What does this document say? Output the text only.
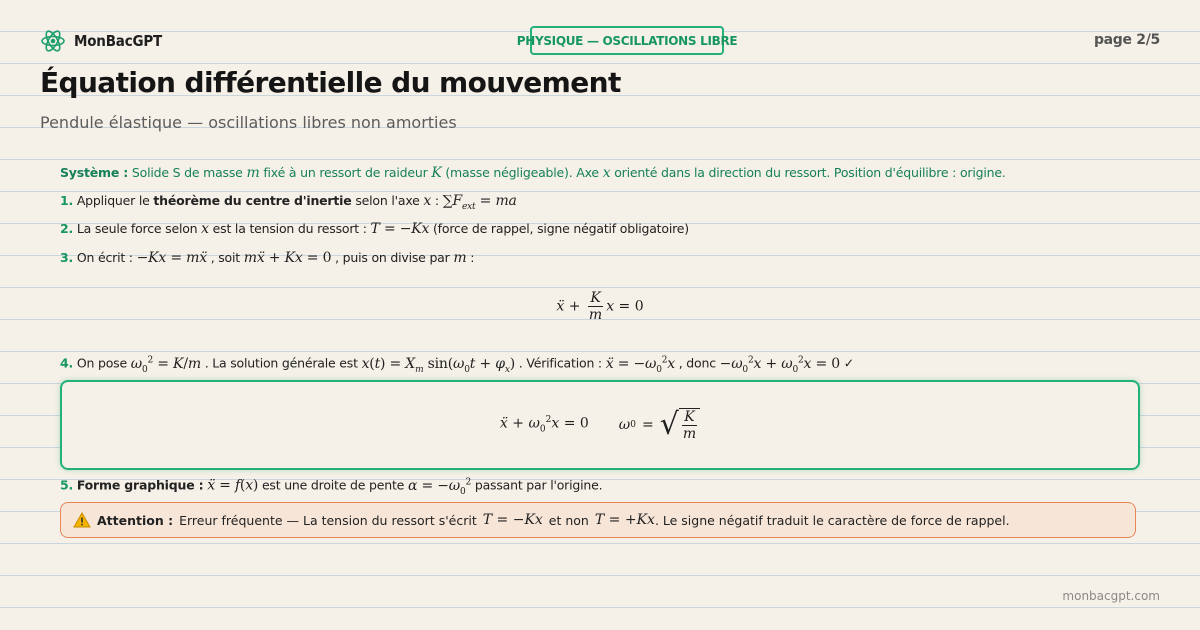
MonBacGPT	PHYSIQUE — OSCILLATIONS LIBRE	page 2/5
Équation différentielle du mouvement
Pendule élastique — oscillations libres non amorties
Système : Solide S de masse m fixé à un ressort de raideur K (masse négligeable). Axe x orienté dans la direction du ressort. Position d'équilibre : origine.
1. Appliquer le théorème du centre d'inertie selon l'axe x : $\sum F_{ext}$ = ma
2. La seule force selon x est la tension du ressort : T = −Kx (force de rappel, signe négatif obligatoire)
3. On écrit : −Kx = mẍ , soit mẍ + Kx = 0 , puis on divise par m :
ẍ + $\frac{K}{m}$ x = 0
4. On pose $\omega_0^2 = K/m$ . La solution générale est $x(t) = X_m$ $\sin(\omega_0t + \varphi_x)$ . Vérification : ẍ = $-\omega_0^2x$ , donc $-\omega_0^2x + \omega_0^2x = 0$ ✓
ẍ + $\omega_0^2x = 0$ ω 0 = √ $\frac{K}{m}$
5. Forme graphique : ẍ = f(x) est une droite de pente $\alpha = -\omega_0^2$ passant par l'origine.
Attention : Erreur fréquente — La tension du ressort s'écrit T = −Kx et non T = +Kx . Le signe négatif traduit le caractère de force de rappel.
monbacgpt.com
